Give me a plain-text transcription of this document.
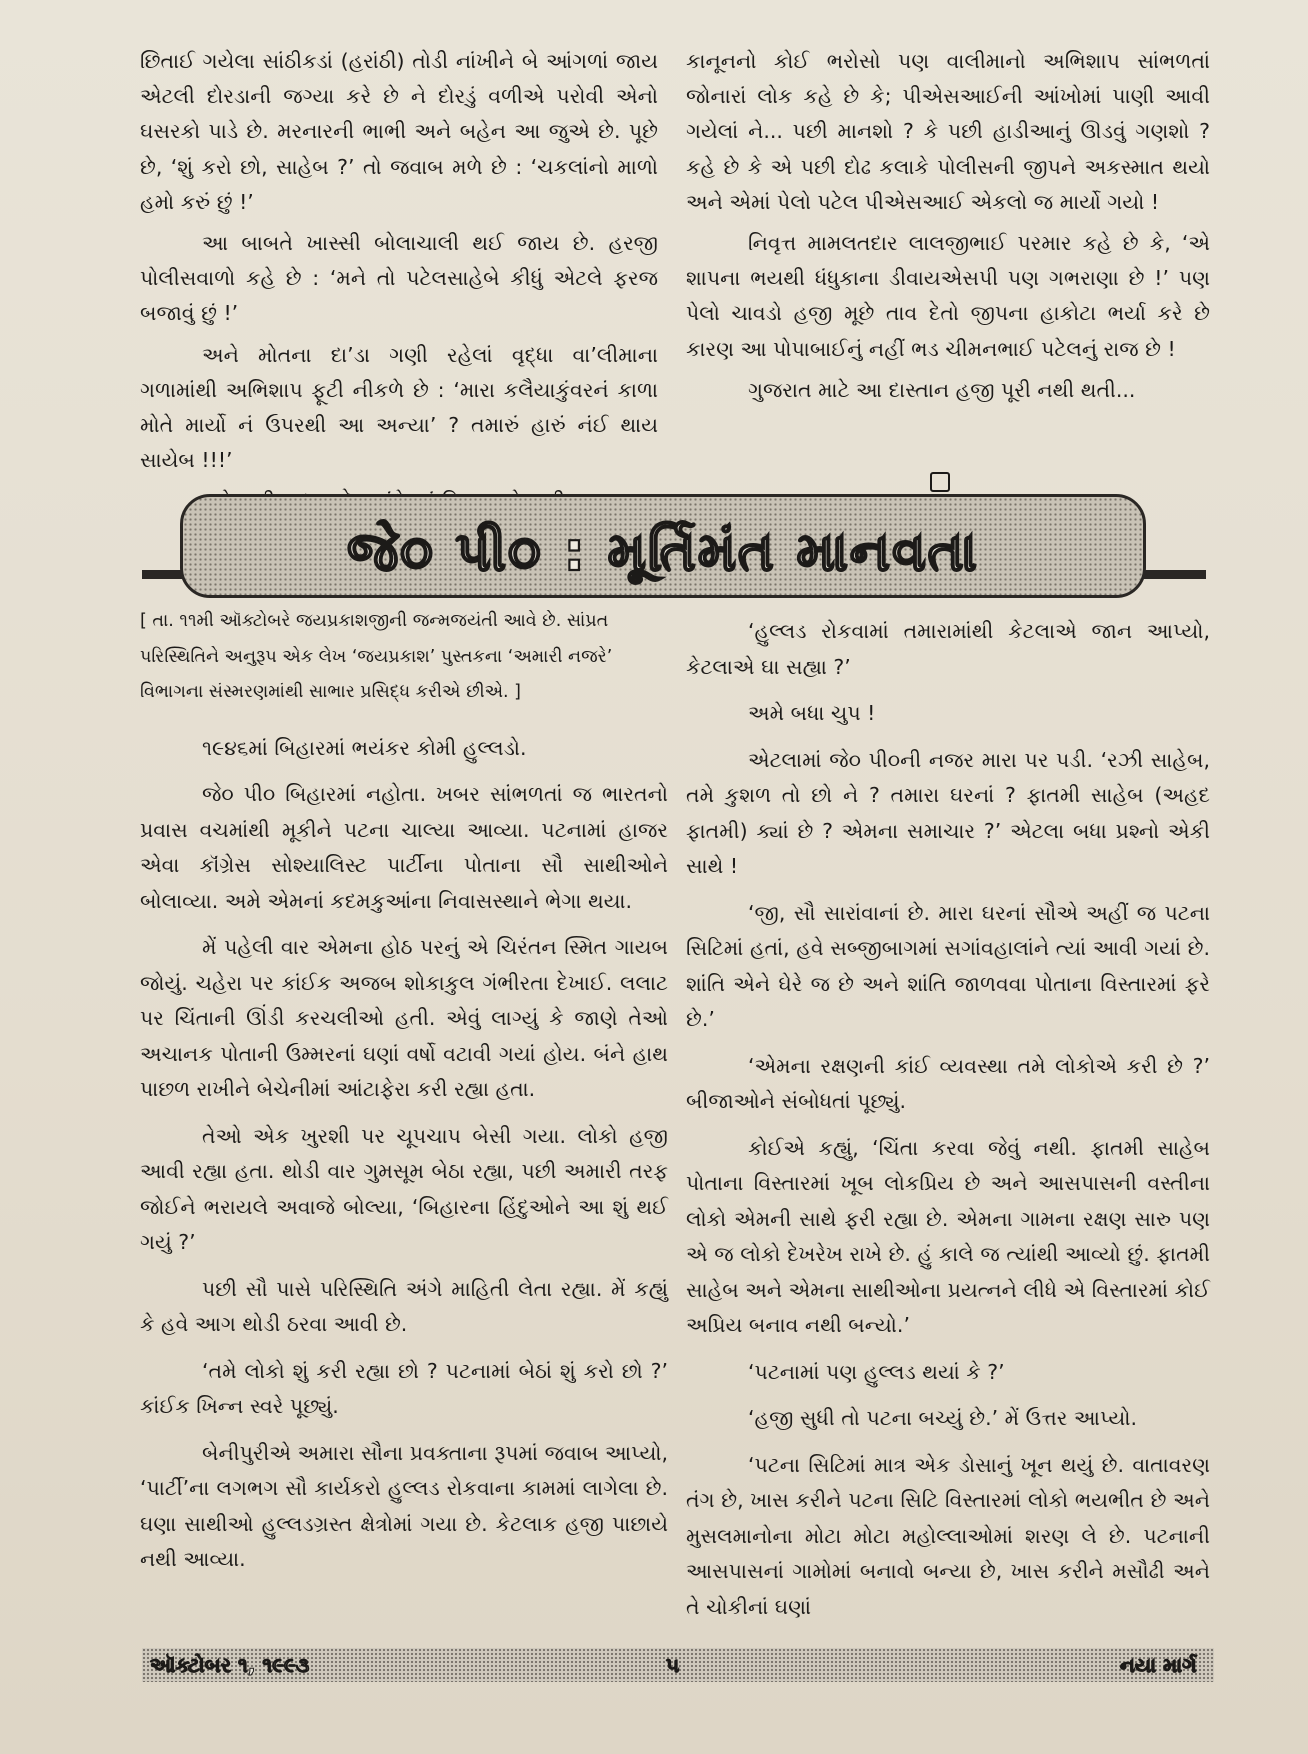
છિતાઈ ગયેલા સાંઠીકડાં (હરાંઠી) તોડી નાંખીને બે આંગળાં જાય એટલી દોરડાની જગ્યા કરે છે ને દોરડું વળીએ પરોવી એનો ઘસરકો પાડે છે. મરનારની ભાભી અને બહેન આ જુએ છે. પૂછે છે, ‘શું કરો છો, સાહેબ ?’ તો જવાબ મળે છે : ‘ચકલાંનો માળો હમો કરું છું !’

આ બાબતે ખાસ્સી બોલાચાલી થઈ જાય છે. હરજી પોલીસવાળો કહે છે : ‘મને તો પટેલસાહેબે કીધું એટલે ફરજ બજાવું છું !’

અને મોતના દા’ડા ગણી રહેલાં વૃદ્ધા વા’લીમાના ગળામાંથી અભિશાપ ફૂટી નીકળે છે : ‘મારા કલૈયાકુંવરનં કાળા મોતે માર્યો નં ઉપરથી આ અન્યા’ ? તમારું હારું નંઈ થાય સાયેબ !!!’

કાનૂનનો કોઈ ભરોસો પણ વાલીમાનો અભિશાપ સાંભળતાં જોનારાં લોક કહે છે કે; પીએસઆઈની આંખોમાં પાણી આવી ગયેલાં ને... પછી માનશો ? કે પછી હાડીઆનું ઊડવું ગણશો ? કહે છે કે એ પછી દોઢ કલાકે પોલીસની જીપને અકસ્માત થયો અને એમાં પેલો પટેલ પીએસઆઈ એકલો જ માર્યો ગયો !

નિવૃત્ત મામલતદાર લાલજીભાઈ પરમાર કહે છે કે, ‘એ શાપના ભયથી ધંધુકાના ડીવાયએસપી પણ ગભરાણા છે !’ પણ પેલો ચાવડો હજી મૂછે તાવ દેતો જીપના હાકોટા ભર્યા કરે છે કારણ આ પોપાબાઈનું નહીં ભડ ચીમનભાઈ પટેલનું રાજ છે !

ગુજરાત માટે આ દાસ્તાન હજી પૂરી નથી થતી...

જે૦ પી૦ : મૂર્તિમંત માનવતા

[ તા. ૧૧મી ઑક્ટોબરે જયપ્રકાશજીની જન્મજયંતી આવે છે. સાંપ્રત પરિસ્થિતિને અનુરૂપ એક લેખ ‘જયપ્રકાશ’ પુસ્તકના ‘અમારી નજરે’ વિભાગના સંસ્મરણમાંથી સાભાર પ્રસિદ્ધ કરીએ છીએ. ]

૧૯૪૬માં બિહારમાં ભયંકર કોમી હુલ્લડો.

જે૦ પી૦ બિહારમાં નહોતા. ખબર સાંભળતાં જ ભારતનો પ્રવાસ વચમાંથી મૂકીને પટના ચાલ્યા આવ્યા. પટનામાં હાજર એવા કૉંગ્રેસ સોશ્યાલિસ્ટ પાર્ટીના પોતાના સૌ સાથીઓને બોલાવ્યા. અમે એમનાં કદમકુઆંના નિવાસસ્થાને ભેગા થયા.

મેં પહેલી વાર એમના હોઠ પરનું એ ચિરંતન સ્મિત ગાયબ જોયું. ચહેરા પર કાંઈક અજબ શોકાકુલ ગંભીરતા દેખાઈ. લલાટ પર ચિંતાની ઊંડી કરચલીઓ હતી. એવું લાગ્યું કે જાણે તેઓ અચાનક પોતાની ઉમ્મરનાં ઘણાં વર્ષો વટાવી ગયાં હોય. બંને હાથ પાછળ રાખીને બેચેનીમાં આંટાફેરા કરી રહ્યા હતા.

તેઓ એક ખુરશી પર ચૂપચાપ બેસી ગયા. લોકો હજી આવી રહ્યા હતા. થોડી વાર ગુમસૂમ બેઠા રહ્યા, પછી અમારી તરફ જોઈને ભરાયલે અવાજે બોલ્યા, ‘બિહારના હિંદુઓને આ શું થઈ ગયું ?’

પછી સૌ પાસે પરિસ્થિતિ અંગે માહિતી લેતા રહ્યા. મેં કહ્યું કે હવે આગ થોડી ઠરવા આવી છે.

‘તમે લોકો શું કરી રહ્યા છો ? પટનામાં બેઠાં શું કરો છો ?’ કાંઈક ખિન્ન સ્વરે પૂછ્યું.

બેનીપુરીએ અમારા સૌના પ્રવક્તાના રૂપમાં જવાબ આપ્યો, ‘પાર્ટી’ના લગભગ સૌ કાર્યકરો હુલ્લડ રોકવાના કામમાં લાગેલા છે. ઘણા સાથીઓ હુલ્લડગ્રસ્ત ક્ષેત્રોમાં ગયા છે. કેટલાક હજી પાછાયે નથી આવ્યા.

‘હુલ્લડ રોકવામાં તમારામાંથી કેટલાએ જાન આપ્યો, કેટલાએ ઘા સહ્યા ?’

અમે બધા ચુપ !

એટલામાં જે૦ પી૦ની નજર મારા પર પડી. ‘રઝી સાહેબ, તમે કુશળ તો છો ને ? તમારા ઘરનાં ? ફાતમી સાહેબ (અહદ ફાતમી) ક્યાં છે ? એમના સમાચાર ?’ એટલા બધા પ્રશ્નો એકી સાથે !

‘જી, સૌ સારાંવાનાં છે. મારા ઘરનાં સૌએ અહીં જ પટના સિટિમાં હતાં, હવે સબ્જીબાગમાં સગાંવહાલાંને ત્યાં આવી ગયાં છે. શાંતિ એને ઘેરે જ છે અને શાંતિ જાળવવા પોતાના વિસ્તારમાં ફરે છે.’

‘એમના રક્ષણની કાંઈ વ્યવસ્થા તમે લોકોએ કરી છે ?’ બીજાઓને સંબોધતાં પૂછ્યું.

કોઈએ કહ્યું, ‘ચિંતા કરવા જેવું નથી. ફાતમી સાહેબ પોતાના વિસ્તારમાં ખૂબ લોકપ્રિય છે અને આસપાસની વસ્તીના લોકો એમની સાથે ફરી રહ્યા છે. એમના ગામના રક્ષણ સારુ પણ એ જ લોકો દેખરેખ રાખે છે. હું કાલે જ ત્યાંથી આવ્યો છું. ફાતમી સાહેબ અને એમના સાથીઓના પ્રયત્નને લીધે એ વિસ્તારમાં કોઈ અપ્રિય બનાવ નથી બન્યો.’

‘પટનામાં પણ હુલ્લડ થયાં કે ?’

‘હજી સુધી તો પટના બચ્યું છે.’ મેં ઉત્તર આપ્યો.

‘પટના સિટિમાં માત્ર એક ડોસાનું ખૂન થયું છે. વાતાવરણ તંગ છે, ખાસ કરીને પટના સિટિ વિસ્તારમાં લોકો ભયભીત છે અને મુસલમાનોના મોટા મોટા મહોલ્લાઓમાં શરણ લે છે. પટનાની આસપાસનાં ગામોમાં બનાવો બન્યા છે, ખાસ કરીને મસૌઢી અને તે ચોકીનાં ઘણાં

ઑક્ટોબર ૧, ૧૯૯૩	૫	નયા માર્ગ
